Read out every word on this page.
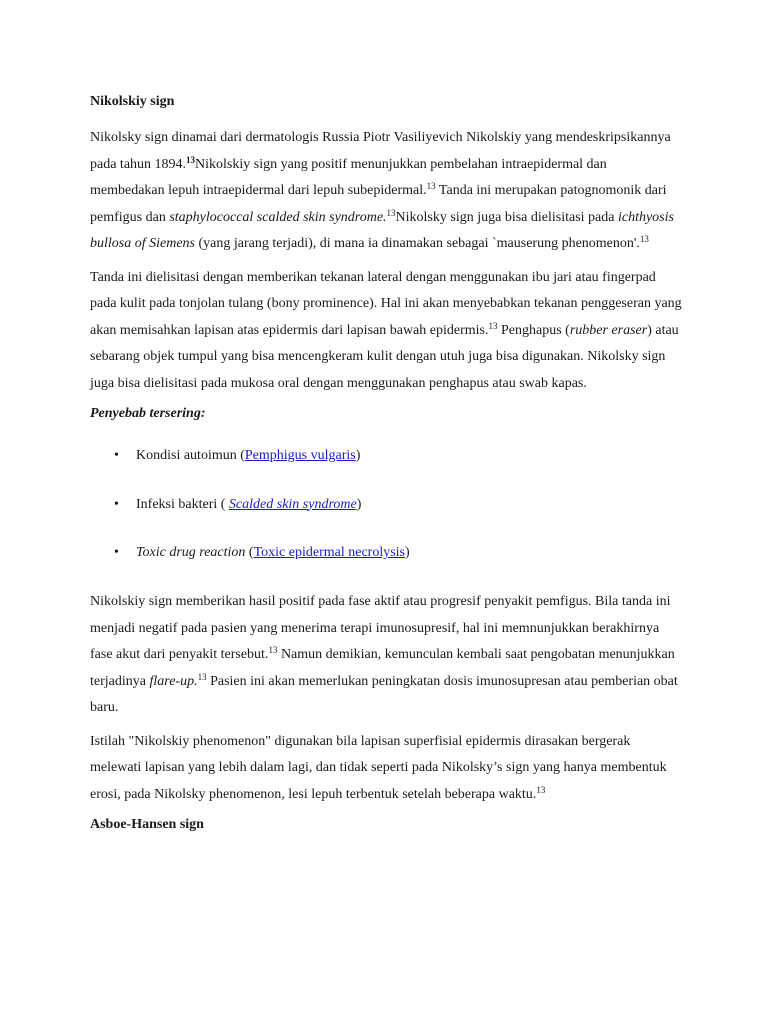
Nikolskiy sign

Nikolsky sign dinamai dari dermatologis Russia Piotr Vasiliyevich Nikolskiy yang mendeskripsikannya pada tahun 1894.13Nikolskiy sign yang positif menunjukkan pembelahan intraepidermal dan membedakan lepuh intraepidermal dari lepuh subepidermal.$^{13}$ Tanda ini merupakan patognomonik dari pemfigus dan staphylococcal scalded skin syndrome.$^{13}$Nikolsky sign juga bisa dielisitasi pada ichthyosis bullosa of Siemens (yang jarang terjadi), di mana ia dinamakan sebagai `mauserung phenomenon'.$^{13}$

Tanda ini dielisitasi dengan memberikan tekanan lateral dengan menggunakan ibu jari atau fingerpad pada kulit pada tonjolan tulang (bony prominence). Hal ini akan menyebabkan tekanan penggeseran yang akan memisahkan lapisan atas epidermis dari lapisan bawah epidermis.$^{13}$ Penghapus (rubber eraser) atau sebarang objek tumpul yang bisa mencengkeram kulit dengan utuh juga bisa digunakan. Nikolsky sign juga bisa dielisitasi pada mukosa oral dengan menggunakan penghapus atau swab kapas.

Penyebab tersering:
• Kondisi autoimun (Pemphigus vulgaris)
• Infeksi bakteri ( Scalded skin syndrome)
• Toxic drug reaction (Toxic epidermal necrolysis)

Nikolskiy sign memberikan hasil positif pada fase aktif atau progresif penyakit pemfigus. Bila tanda ini menjadi negatif pada pasien yang menerima terapi imunosupresif, hal ini memnunjukkan berakhirnya fase akut dari penyakit tersebut.$^{13}$ Namun demikian, kemunculan kembali saat pengobatan menunjukkan terjadinya flare-up.$^{13}$ Pasien ini akan memerlukan peningkatan dosis imunosupresan atau pemberian obat baru.

Istilah "Nikolskiy phenomenon" digunakan bila lapisan superfisial epidermis dirasakan bergerak melewati lapisan yang lebih dalam lagi, dan tidak seperti pada Nikolsky’s sign yang hanya membentuk erosi, pada Nikolsky phenomenon, lesi lepuh terbentuk setelah beberapa waktu.$^{13}$

Asboe-Hansen sign
